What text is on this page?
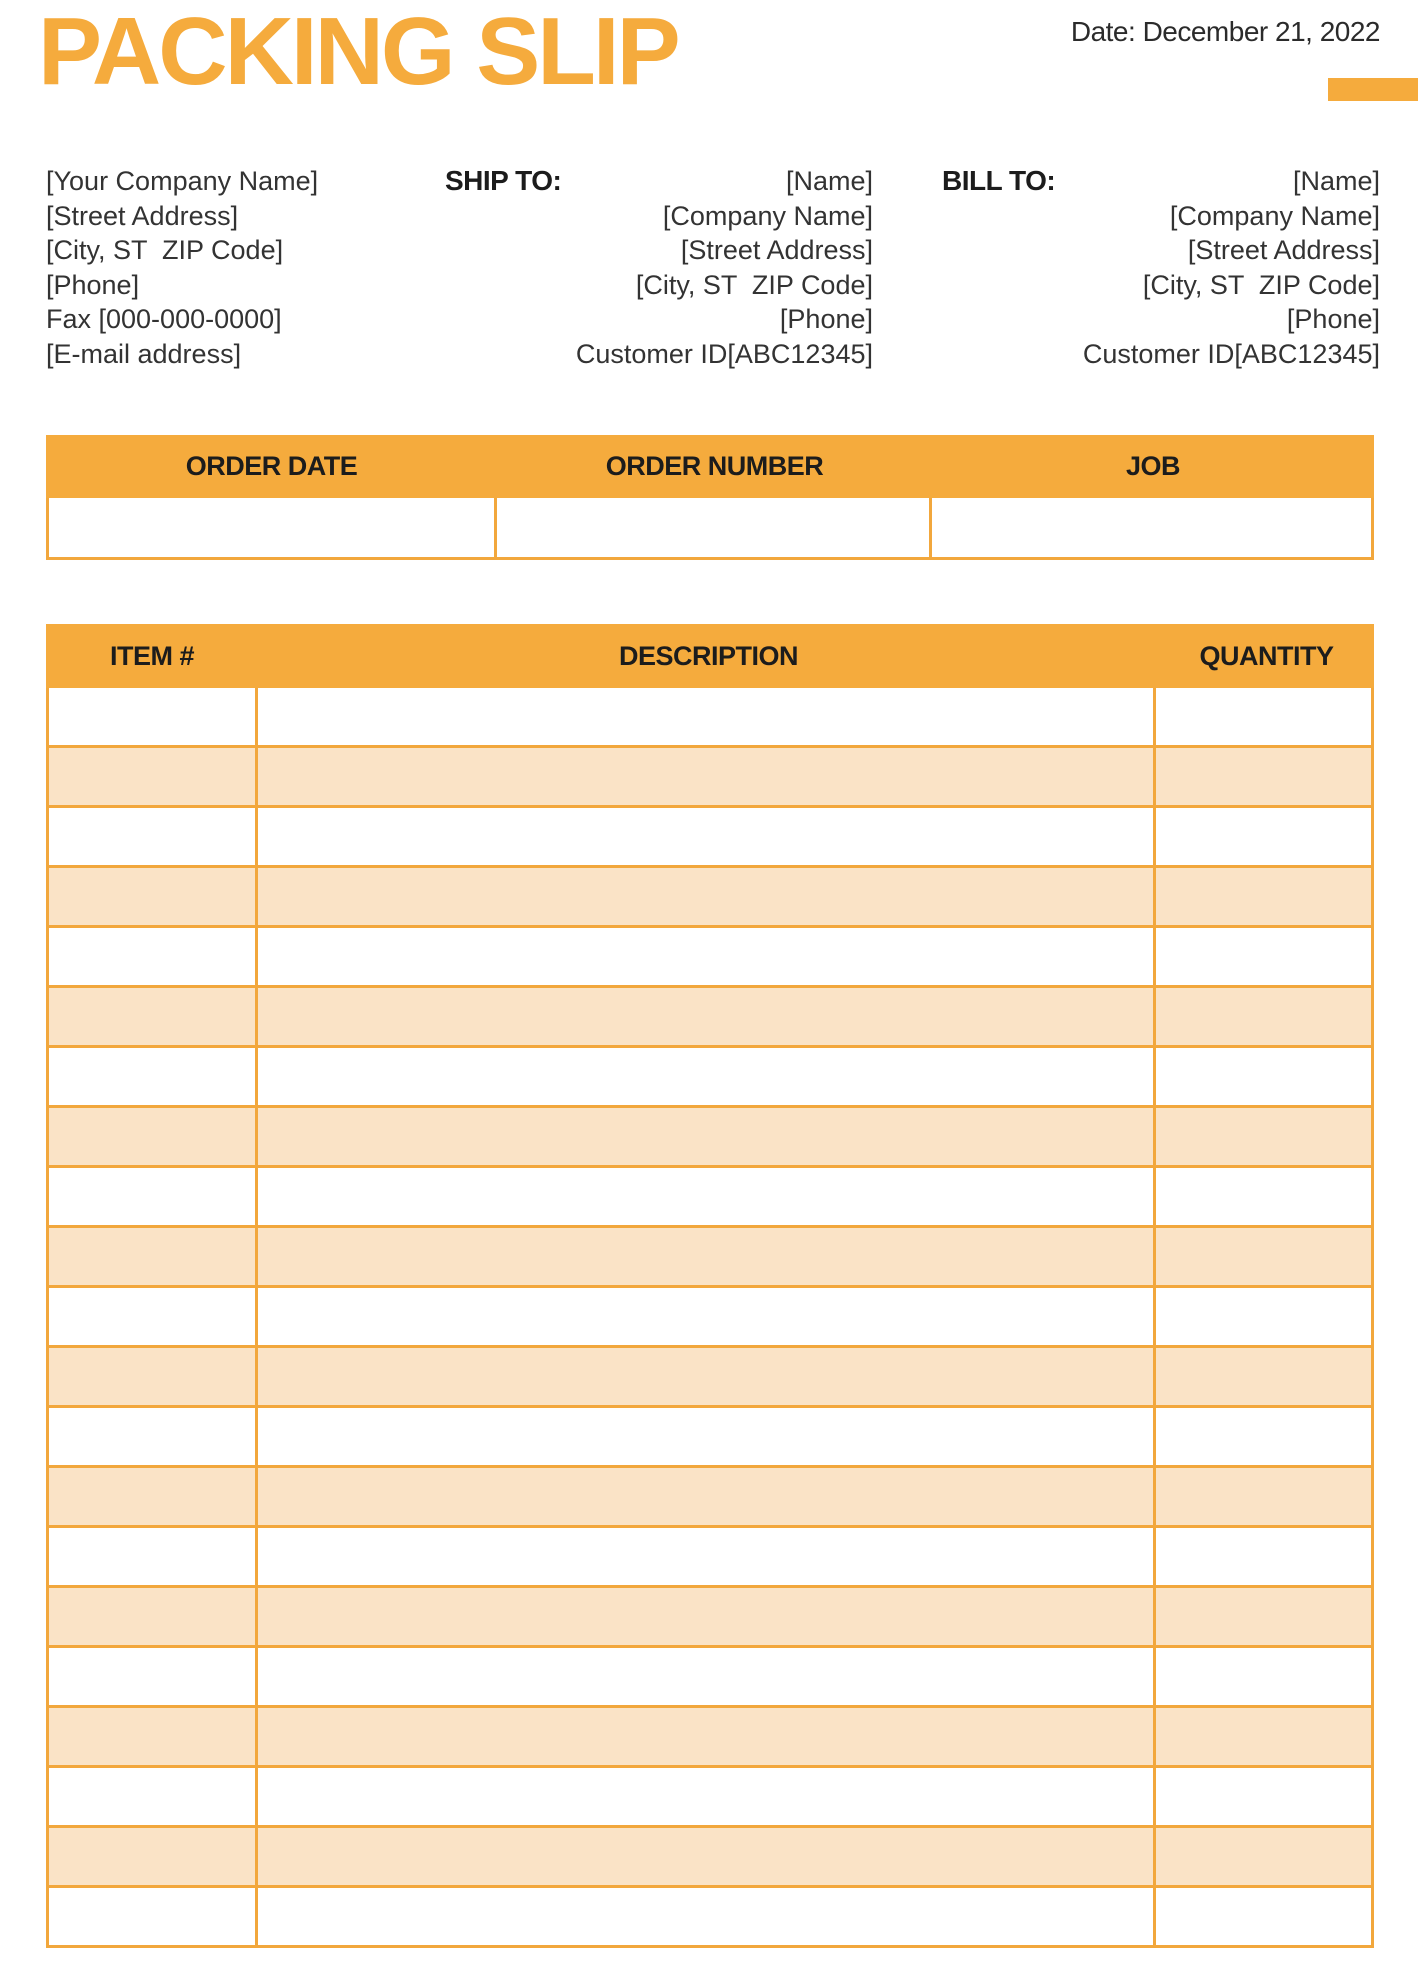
PACKING SLIP	Date: December 21, 2022
[Your Company Name]
[Street Address]
[City, ST  ZIP Code]
[Phone]
Fax [000-000-0000]
[E-mail address]
SHIP TO:	[Name]
[Company Name]
[Street Address]
[City, ST  ZIP Code]
[Phone]
Customer ID[ABC12345]
BILL TO:	[Name]
[Company Name]
[Street Address]
[City, ST  ZIP Code]
[Phone]
Customer ID[ABC12345]
ORDER DATE	ORDER NUMBER	JOB
ITEM #	DESCRIPTION	QUANTITY
